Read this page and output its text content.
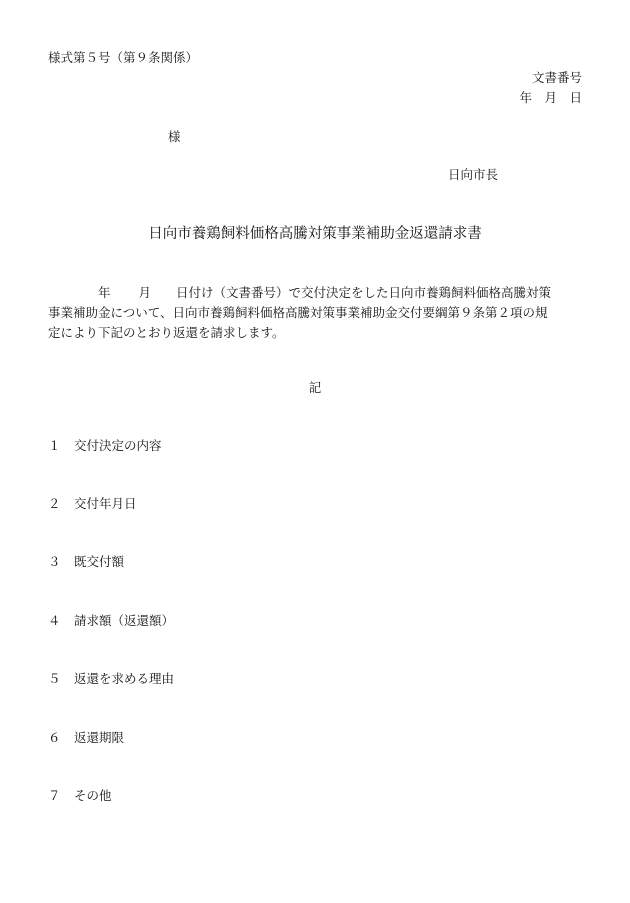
様式第５号（第９条関係）
文書番号
年　月　日
様
日向市長
日向市養鶏飼料価格高騰対策事業補助金返還請求書
年 月 日付け（文書番号）で交付決定をした日向市養鶏飼料価格高騰対策
事業補助金について、日向市養鶏飼料価格高騰対策事業補助金交付要綱第９条第２項の規
定により下記のとおり返還を請求します。
記
１ 交付決定の内容
２ 交付年月日
３ 既交付額
４ 請求額（返還額）
５ 返還を求める理由
６ 返還期限
７ その他
